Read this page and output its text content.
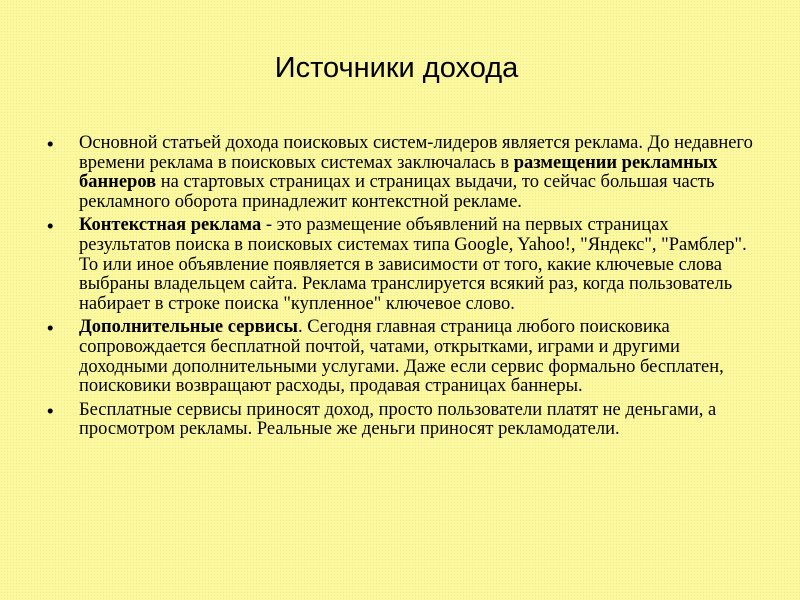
Источники дохода
• Основной статьей дохода поисковых систем-лидеров является реклама. До недавнего времени реклама в поисковых системах заключалась в размещении рекламных баннеров на стартовых страницах и страницах выдачи, то сейчас большая часть рекламного оборота принадлежит контекстной рекламе.
• Контекстная реклама - это размещение объявлений на первых страницах результатов поиска в поисковых системах типа Google, Yahoo!, "Яндекс", "Рамблер". То или иное объявление появляется в зависимости от того, какие ключевые слова выбраны владельцем сайта. Реклама транслируется всякий раз, когда пользователь набирает в строке поиска "купленное" ключевое слово.
• Дополнительные сервисы. Сегодня главная страница любого поисковика сопровождается бесплатной почтой, чатами, открытками, играми и другими доходными дополнительными услугами. Даже если сервис формально бесплатен, поисковики возвращают расходы, продавая страницах баннеры.
• Бесплатные сервисы приносят доход, просто пользователи платят не деньгами, а просмотром рекламы. Реальные же деньги приносят рекламодатели.
